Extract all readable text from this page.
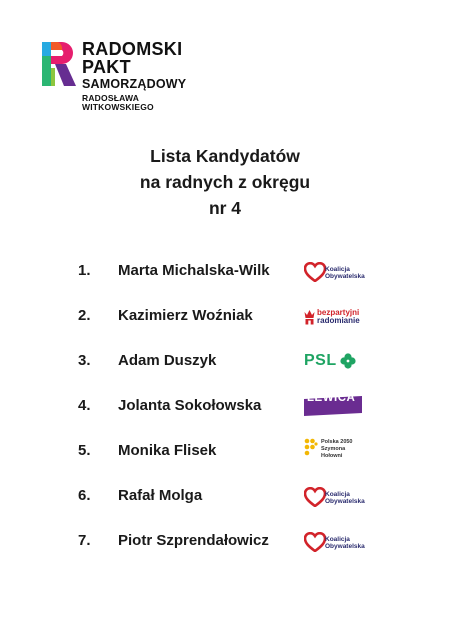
RADOMSKI
PAKT
SAMORZĄDOWY
RADOSŁAWA
WITKOWSKIEGO
Lista Kandydatów
na radnych z okręgu
nr 4
1. Marta Michalska-Wilk	Koalicja
Obywatelska
2. Kazimierz Woźniak	bezpartyjni
radomianie
3. Adam Duszyk	PSL
4. Jolanta Sokołowska	LEWICA
5. Monika Flisek	Polska 2050
Szymona
Hołowni
6. Rafał Molga	Koalicja
Obywatelska
7. Piotr Szprendałowicz	Koalicja
Obywatelska
